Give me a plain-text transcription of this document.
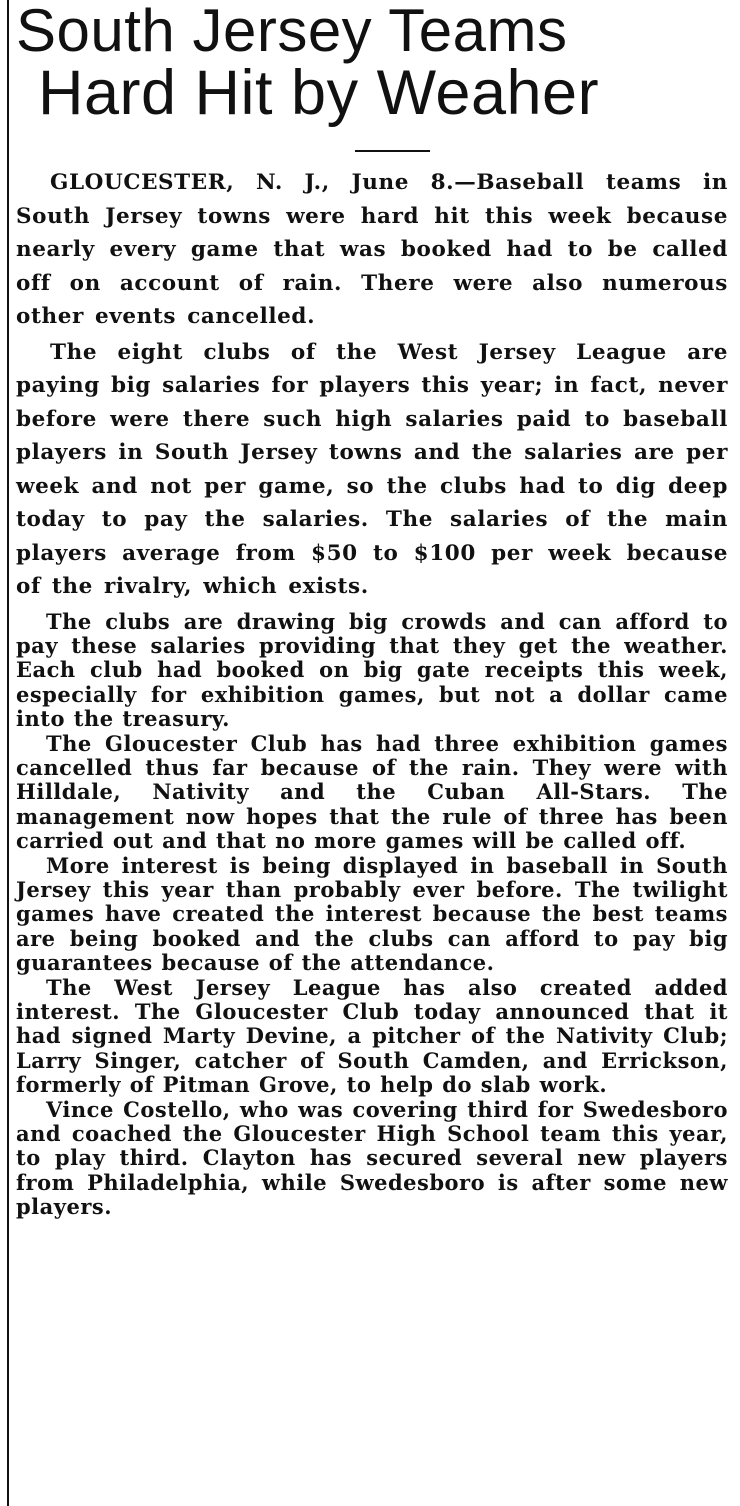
South Jersey Teams
Hard Hit by Weaher

GLOUCESTER, N. J., June 8.—Baseball teams in South Jersey towns were hard hit this week because nearly every game that was booked had to be called off on account of rain. There were also numerous other events cancelled.

The eight clubs of the West Jersey League are paying big salaries for players this year; in fact, never before were there such high salaries paid to baseball players in South Jersey towns and the salaries are per week and not per game, so the clubs had to dig deep today to pay the salaries. The salaries of the main players average from $50 to $100 per week because of the rivalry, which exists.

The clubs are drawing big crowds and can afford to pay these salaries providing that they get the weather. Each club had booked on big gate receipts this week, especially for exhibition games, but not a dollar came into the treasury.

The Gloucester Club has had three exhibition games cancelled thus far because of the rain. They were with Hilldale, Nativity and the Cuban All-Stars. The management now hopes that the rule of three has been carried out and that no more games will be called off.

More interest is being displayed in baseball in South Jersey this year than probably ever before. The twilight games have created the interest because the best teams are being booked and the clubs can afford to pay big guarantees because of the attendance.

The West Jersey League has also created added interest. The Gloucester Club today announced that it had signed Marty Devine, a pitcher of the Nativity Club; Larry Singer, catcher of South Camden, and Errickson, formerly of Pitman Grove, to help do slab work.

Vince Costello, who was covering third for Swedesboro and coached the Gloucester High School team this year, to play third. Clayton has secured several new players from Philadelphia, while Swedesboro is after some new players.
